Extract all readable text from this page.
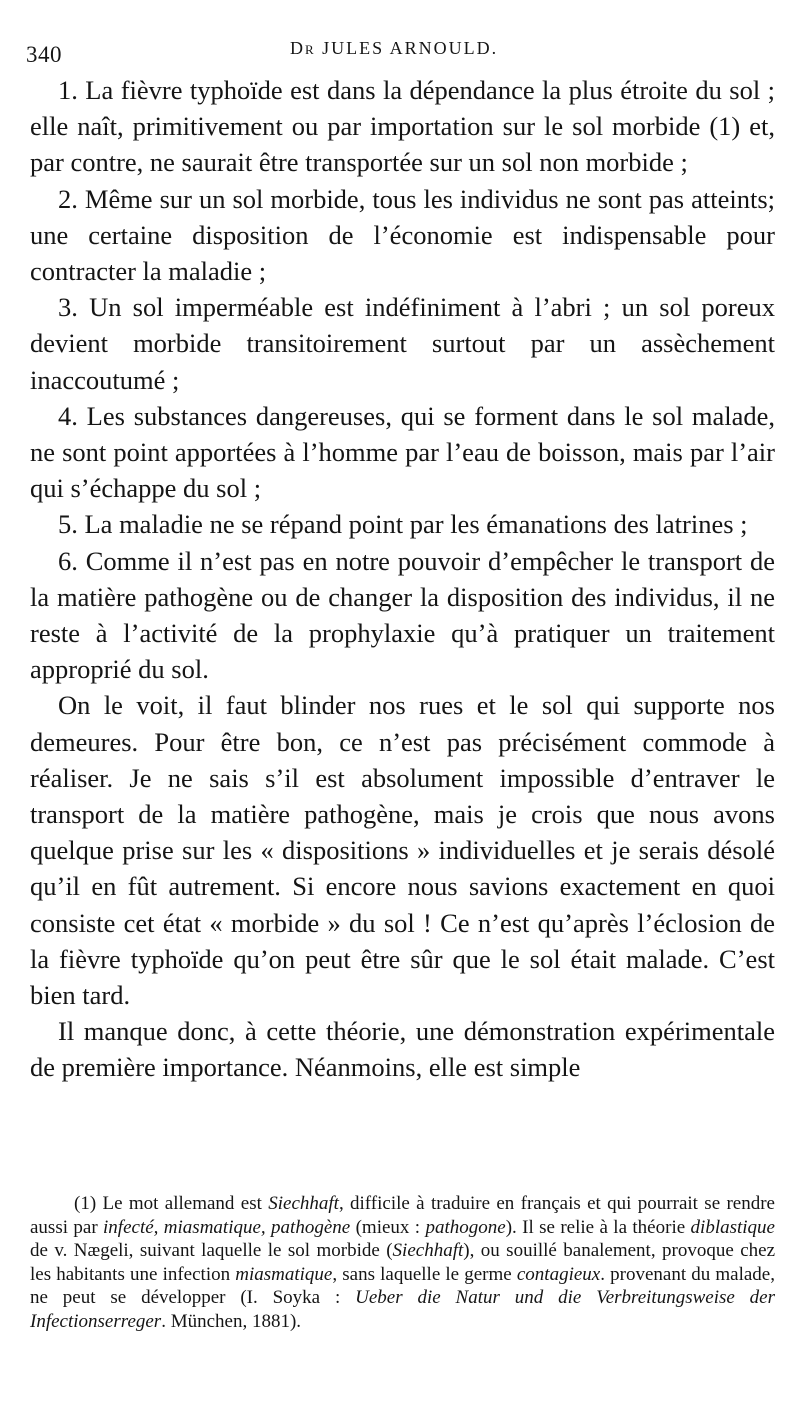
340	Dr JULES ARNOULD.

1. La fièvre typhoïde est dans la dépendance la plus étroite du sol ; elle naît, primitivement ou par importation sur le sol morbide (1) et, par contre, ne saurait être transportée sur un sol non morbide ;

2. Même sur un sol morbide, tous les individus ne sont pas atteints; une certaine disposition de l’économie est indispensable pour contracter la maladie ;

3. Un sol imperméable est indéfiniment à l’abri ; un sol poreux devient morbide transitoirement surtout par un assèchement inaccoutumé ;

4. Les substances dangereuses, qui se forment dans le sol malade, ne sont point apportées à l’homme par l’eau de boisson, mais par l’air qui s’échappe du sol ;

5. La maladie ne se répand point par les émanations des latrines ;

6. Comme il n’est pas en notre pouvoir d’empêcher le transport de la matière pathogène ou de changer la disposition des individus, il ne reste à l’activité de la prophylaxie qu’à pratiquer un traitement approprié du sol.

On le voit, il faut blinder nos rues et le sol qui supporte nos demeures. Pour être bon, ce n’est pas précisément commode à réaliser. Je ne sais s’il est absolument impossible d’entraver le transport de la matière pathogène, mais je crois que nous avons quelque prise sur les « dispositions » individuelles et je serais désolé qu’il en fût autrement. Si encore nous savions exactement en quoi consiste cet état « morbide » du sol ! Ce n’est qu’après l’éclosion de la fièvre typhoïde qu’on peut être sûr que le sol était malade. C’est bien tard.

Il manque donc, à cette théorie, une démonstration expérimentale de première importance. Néanmoins, elle est simple

(1) Le mot allemand est Siechhaft, difficile à traduire en français et qui pourrait se rendre aussi par infecté, miasmatique, pathogène (mieux : pathogone). Il se relie à la théorie diblastique de v. Nægeli, suivant laquelle le sol morbide (Siechhaft), ou souillé banalement, provoque chez les habitants une infection miasmatique, sans laquelle le germe contagieux. provenant du malade, ne peut se développer (I. Soyka : Ueber die Natur und die Verbreitungsweise der Infectionserreger. München, 1881).
